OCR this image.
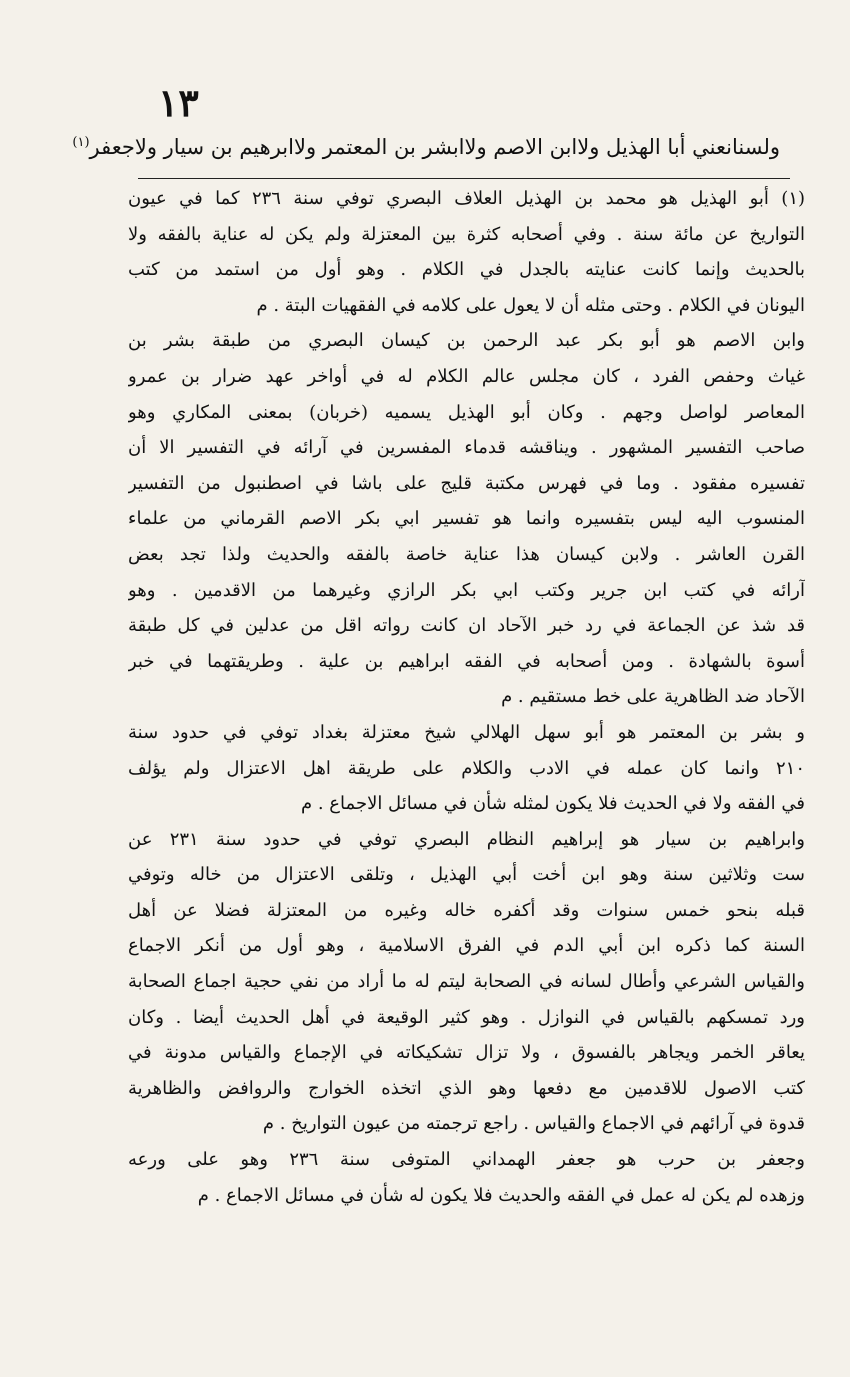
١٣
ولسنانعني أبا الهذيل ولاابن الاصم ولاابشر بن المعتمر ولاابرهيم بن سيار ولاجعفر$^{(١)}$
(١) أبو الهذيل هو محمد بن الهذيل العلاف البصري توفي سنة ٢٣٦ كما في عيون
التواريخ عن مائة سنة . وفي أصحابه كثرة بين المعتزلة ولم يكن له عناية بالفقه ولا
بالحديث وإنما كانت عنايته بالجدل في الكلام . وهو أول من استمد من كتب
اليونان في الكلام . وحتى مثله أن لا يعول على كلامه في الفقهيات البتة . م
وابن الاصم هو أبو بكر عبد الرحمن بن كيسان البصري من طبقة بشر بن
غياث وحفص الفرد ، كان مجلس عالم الكلام له في أواخر عهد ضرار بن عمرو
المعاصر لواصل وجهم . وكان أبو الهذيل يسميه (خربان) بمعنى المكاري وهو
صاحب التفسير المشهور . ويناقشه قدماء المفسرين في آرائه في التفسير الا أن
تفسيره مفقود . وما في فهرس مكتبة قليج على باشا في اصطنبول من التفسير
المنسوب اليه ليس بتفسيره وانما هو تفسير ابي بكر الاصم القرماني من علماء
القرن العاشر . ولابن كيسان هذا عناية خاصة بالفقه والحديث ولذا تجد بعض
آرائه في كتب ابن جرير وكتب ابي بكر الرازي وغيرهما من الاقدمين . وهو
قد شذ عن الجماعة في رد خبر الآحاد ان كانت رواته اقل من عدلين في كل طبقة
أسوة بالشهادة . ومن أصحابه في الفقه ابراهيم بن علية . وطريقتهما في خبر
الآحاد ضد الظاهرية على خط مستقيم . م
و بشر بن المعتمر هو أبو سهل الهلالي شيخ معتزلة بغداد توفي في حدود سنة
٢١٠ وانما كان عمله في الادب والكلام على طريقة اهل الاعتزال ولم يؤلف
في الفقه ولا في الحديث فلا يكون لمثله شأن في مسائل الاجماع . م
وابراهيم بن سيار هو إبراهيم النظام البصري توفي في حدود سنة ٢٣١ عن
ست وثلاثين سنة وهو ابن أخت أبي الهذيل ، وتلقى الاعتزال من خاله وتوفي
قبله بنحو خمس سنوات وقد أكفره خاله وغيره من المعتزلة فضلا عن أهل
السنة كما ذكره ابن أبي الدم في الفرق الاسلامية ، وهو أول من أنكر الاجماع
والقياس الشرعي وأطال لسانه في الصحابة ليتم له ما أراد من نفي حجية اجماع الصحابة
ورد تمسكهم بالقياس في النوازل . وهو كثير الوقيعة في أهل الحديث أيضا . وكان
يعاقر الخمر ويجاهر بالفسوق ، ولا تزال تشكيكاته في الإجماع والقياس مدونة في
كتب الاصول للاقدمين مع دفعها وهو الذي اتخذه الخوارج والروافض والظاهرية
قدوة في آرائهم في الاجماع والقياس . راجع ترجمته من عيون التواريخ . م
وجعفر بن حرب هو جعفر الهمداني المتوفى سنة ٢٣٦ وهو على ورعه
وزهده لم يكن له عمل في الفقه والحديث فلا يكون له شأن في مسائل الاجماع . م
